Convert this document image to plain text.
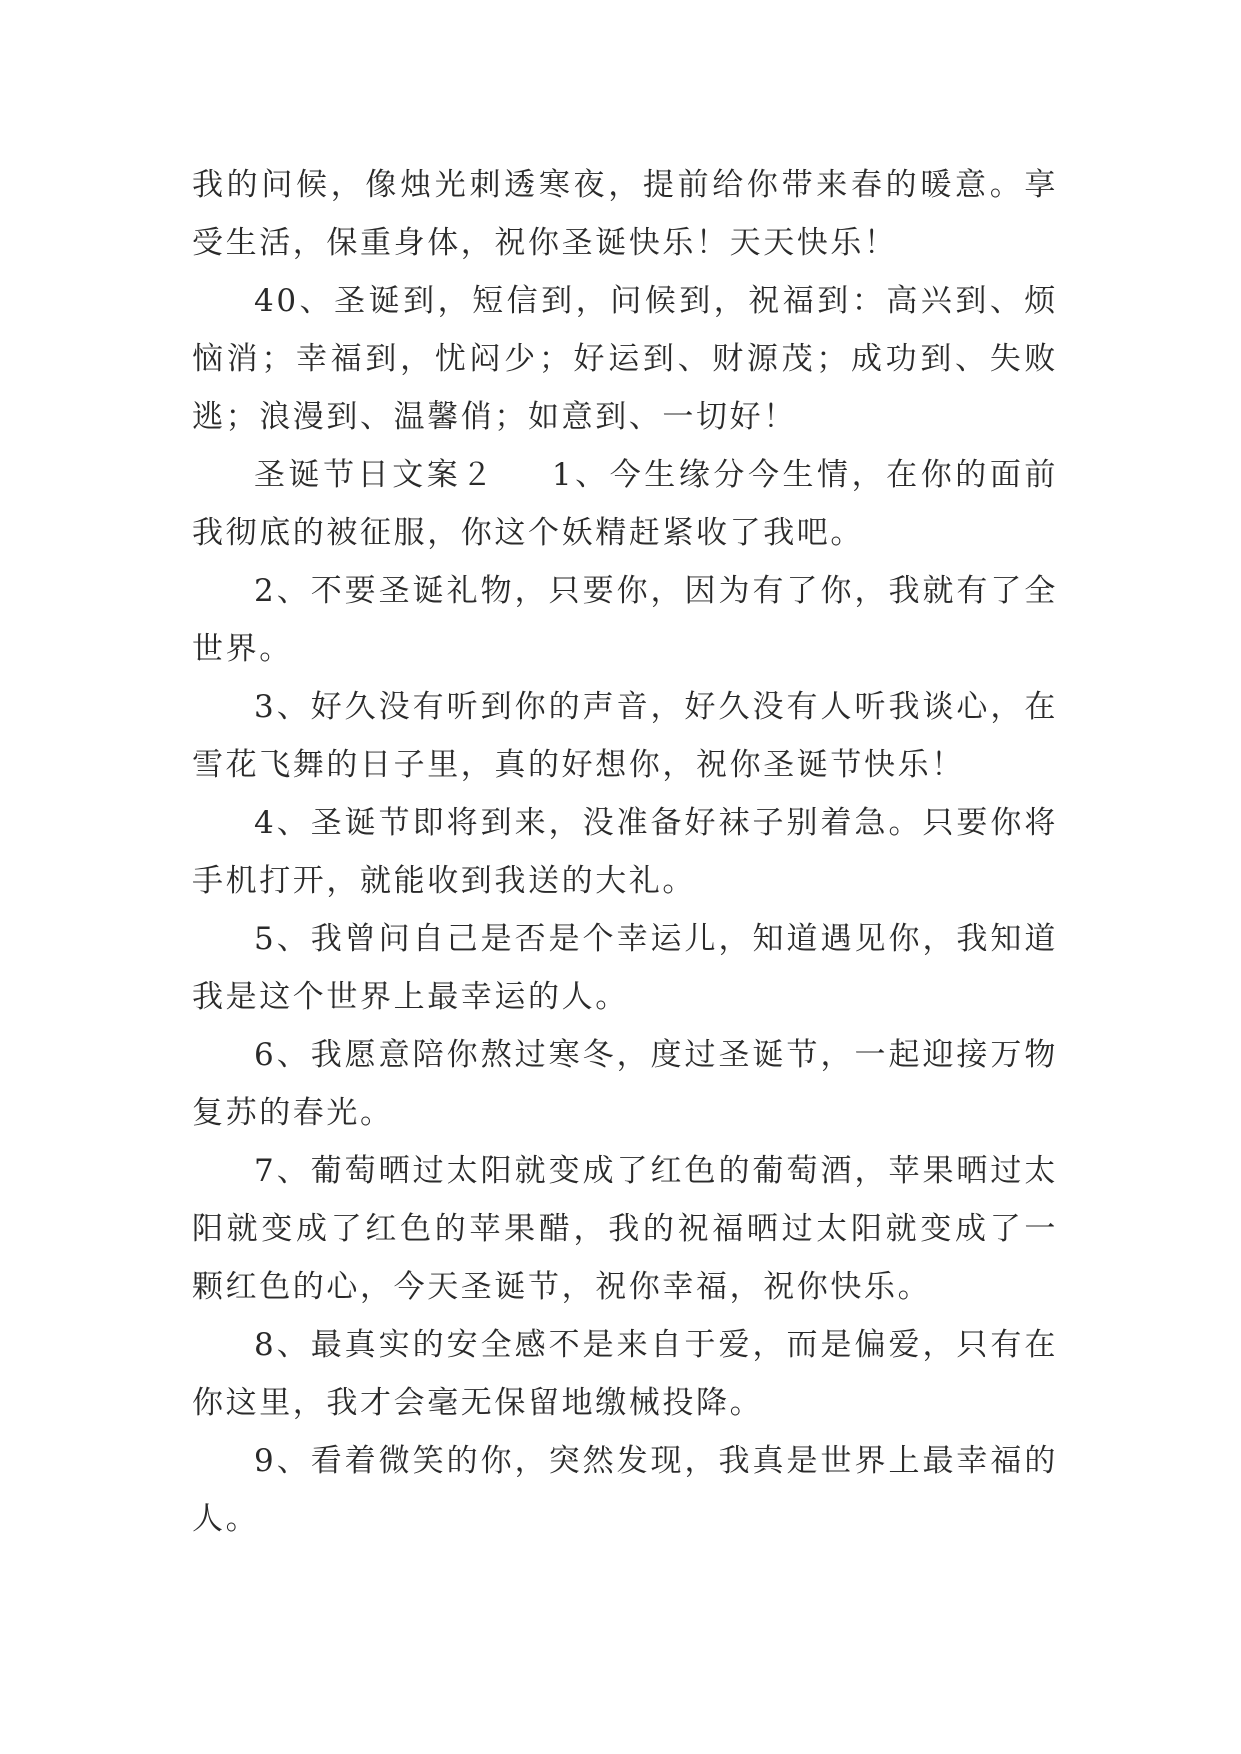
我的问候，像烛光刺透寒夜，提前给你带来春的暖意。享受生活，保重身体，祝你圣诞快乐！天天快乐！

40、圣诞到，短信到，问候到，祝福到：高兴到、烦恼消；幸福到，忧闷少；好运到、财源茂；成功到、失败逃；浪漫到、温馨俏；如意到、一切好！

圣诞节日文案２ 1、今生缘分今生情，在你的面前我彻底的被征服，你这个妖精赶紧收了我吧。

2、不要圣诞礼物，只要你，因为有了你，我就有了全世界。

3、好久没有听到你的声音，好久没有人听我谈心，在雪花飞舞的日子里，真的好想你，祝你圣诞节快乐！

4、圣诞节即将到来，没准备好袜子别着急。只要你将手机打开，就能收到我送的大礼。

5、我曾问自己是否是个幸运儿，知道遇见你，我知道我是这个世界上最幸运的人。

6、我愿意陪你熬过寒冬，度过圣诞节，一起迎接万物复苏的春光。

7、葡萄晒过太阳就变成了红色的葡萄酒，苹果晒过太阳就变成了红色的苹果醋，我的祝福晒过太阳就变成了一颗红色的心，今天圣诞节，祝你幸福，祝你快乐。

8、最真实的安全感不是来自于爱，而是偏爱，只有在你这里，我才会毫无保留地缴械投降。

9、看着微笑的你，突然发现，我真是世界上最幸福的人。
